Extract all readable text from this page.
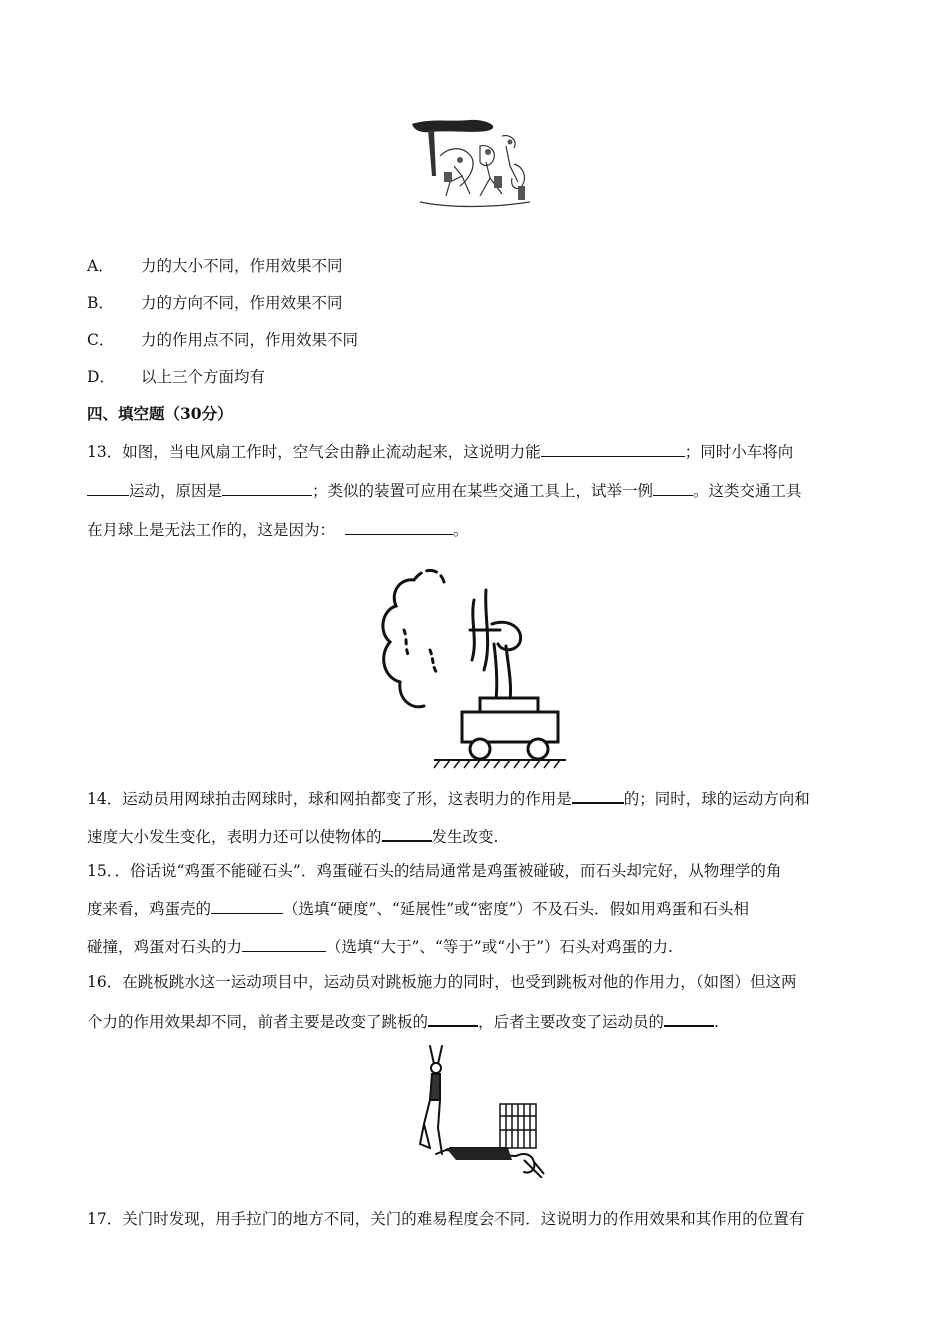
A． 力的大小不同，作用效果不同
B． 力的方向不同，作用效果不同
C． 力的作用点不同，作用效果不同
D． 以上三个方面均有
四、填空题（30分）
13．如图，当电风扇工作时，空气会由静止流动起来，这说明力能	；同时小车将向
运动，原因是	；类似的装置可应用在某些交通工具上，试举一例	。这类交通工具
在月球上是无法工作的，这是因为：	。
14．运动员用网球拍击网球时，球和网拍都变了形，这表明力的作用是	的；同时，球的运动方向和
速度大小发生变化，表明力还可以使物体的	发生改变.
15．．俗话说“鸡蛋不能碰石头”．鸡蛋碰石头的结局通常是鸡蛋被碰破，而石头却完好，从物理学的角
度来看，鸡蛋壳的	（选填“硬度”、“延展性”或“密度”）不及石头．假如用鸡蛋和石头相
碰撞，鸡蛋对石头的力	（选填“大于”、“等于”或“小于”）石头对鸡蛋的力.
16．在跳板跳水这一运动项目中，运动员对跳板施力的同时，也受到跳板对他的作用力，（如图）但这两
个力的作用效果却不同，前者主要是改变了跳板的	，后者主要改变了运动员的	.
17．关门时发现，用手拉门的地方不同，关门的难易程度会不同．这说明力的作用效果和其作用的位置有
